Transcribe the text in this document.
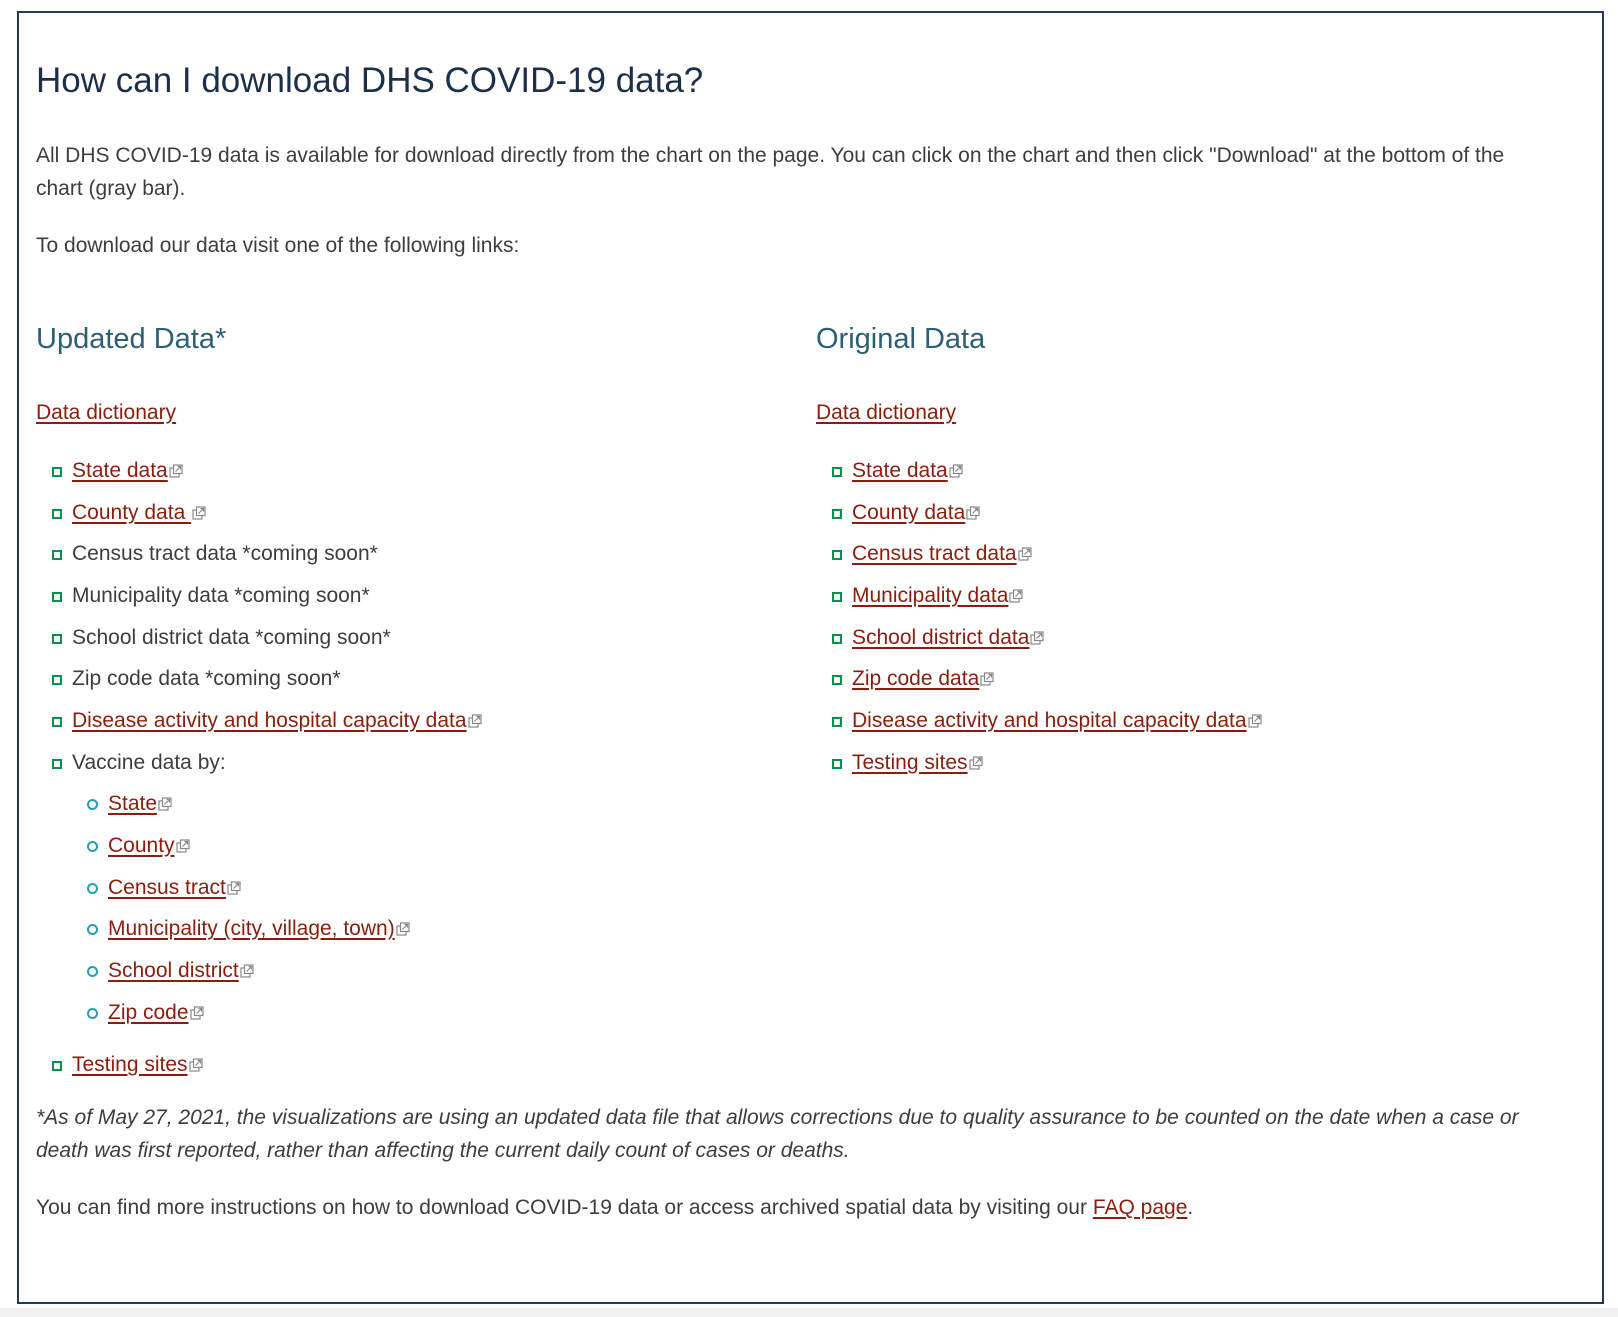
How can I download DHS COVID-19 data?

All DHS COVID-19 data is available for download directly from the chart on the page. You can click on the chart and then click "Download" at the bottom of the chart (gray bar).

To download our data visit one of the following links:

Updated Data*
Data dictionary
State data
County data
Census tract data *coming soon*
Municipality data *coming soon*
School district data *coming soon*
Zip code data *coming soon*
Disease activity and hospital capacity data
Vaccine data by:
State
County
Census tract
Municipality (city, village, town)
School district
Zip code
Testing sites
Original Data
Data dictionary
State data
County data
Census tract data
Municipality data
School district data
Zip code data
Disease activity and hospital capacity data
Testing sites

*As of May 27, 2021, the visualizations are using an updated data file that allows corrections due to quality assurance to be counted on the date when a case or death was first reported, rather than affecting the current daily count of cases or deaths.

You can find more instructions on how to download COVID-19 data or access archived spatial data by visiting our FAQ page.
